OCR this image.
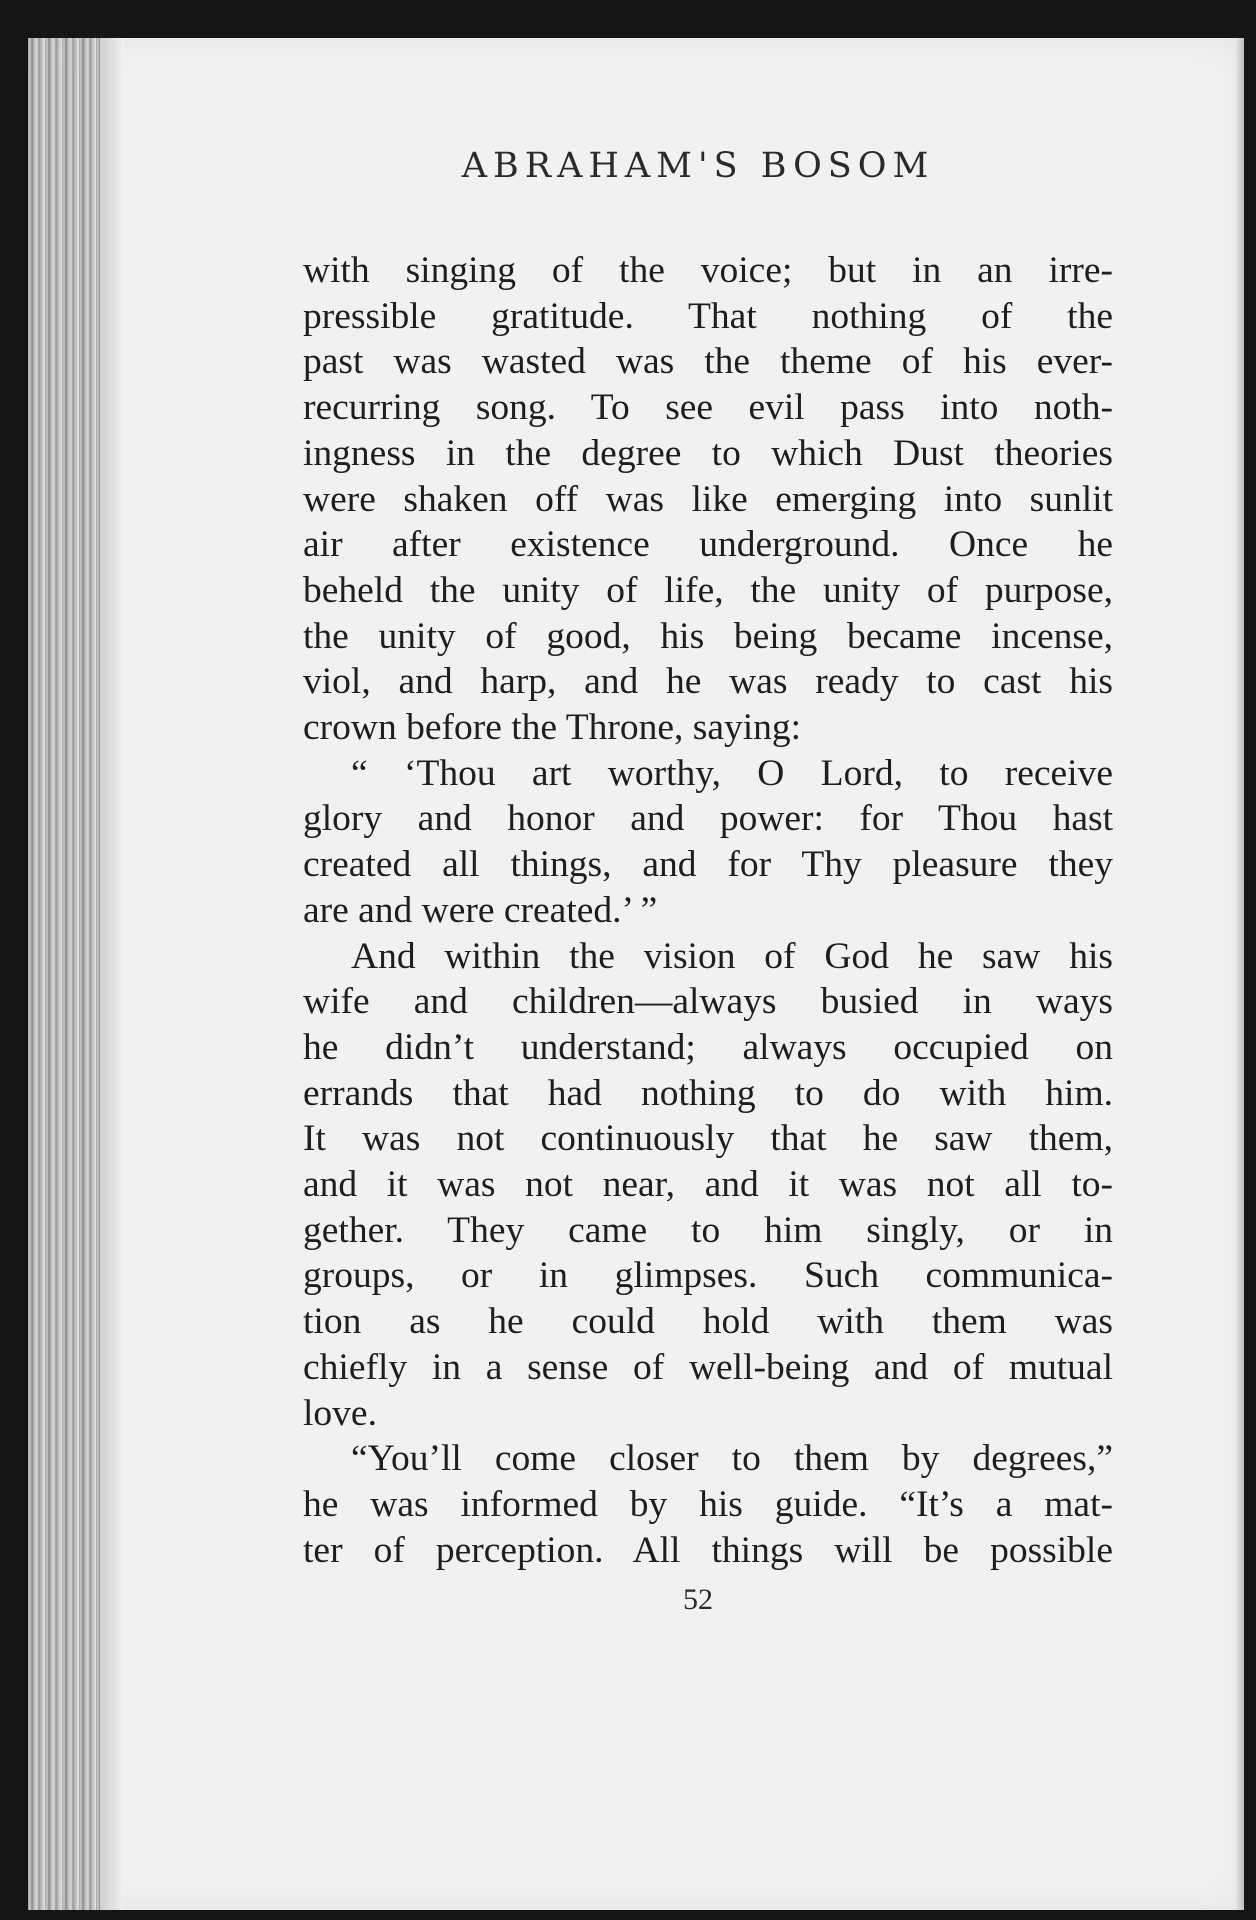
ABRAHAM'S BOSOM
with singing of the voice; but in an irre-
pressible gratitude. That nothing of the
past was wasted was the theme of his ever-
recurring song. To see evil pass into noth-
ingness in the degree to which Dust theories
were shaken off was like emerging into sunlit
air after existence underground. Once he
beheld the unity of life, the unity of purpose,
the unity of good, his being became incense,
viol, and harp, and he was ready to cast his
crown before the Throne, saying:
“ ‘Thou art worthy, O Lord, to receive
glory and honor and power: for Thou hast
created all things, and for Thy pleasure they
are and were created.’ ”
And within the vision of God he saw his
wife and children—always busied in ways
he didn’t understand; always occupied on
errands that had nothing to do with him.
It was not continuously that he saw them,
and it was not near, and it was not all to-
gether. They came to him singly, or in
groups, or in glimpses. Such communica-
tion as he could hold with them was
chiefly in a sense of well-being and of mutual
love.
“You’ll come closer to them by degrees,”
he was informed by his guide. “It’s a mat-
ter of perception. All things will be possible
52
